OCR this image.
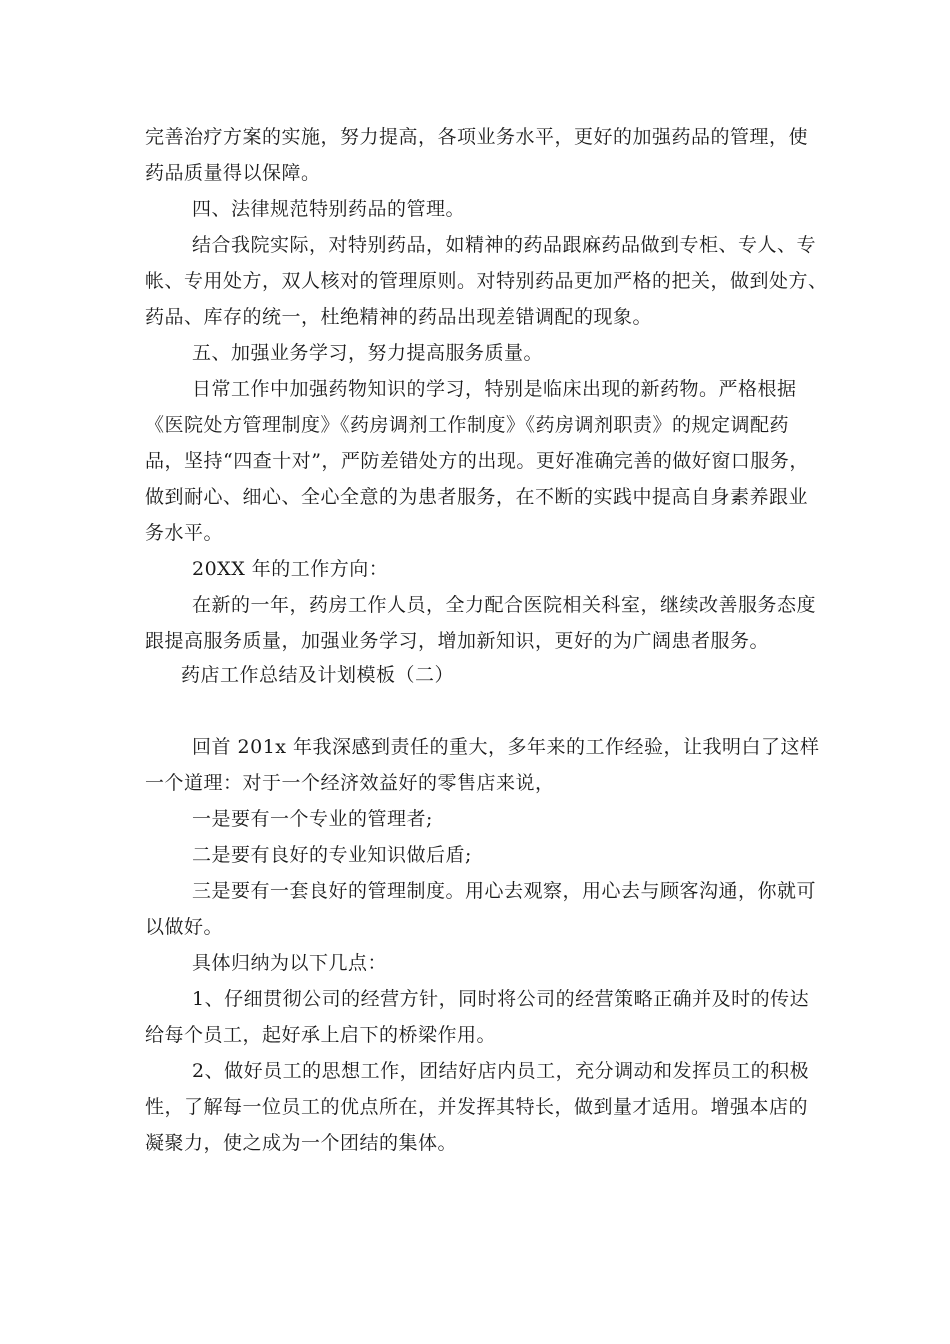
完善治疗方案的实施，努力提高，各项业务水平，更好的加强药品的管理，使

药品质量得以保障。

四、法律规范特别药品的管理。

结合我院实际，对特别药品，如精神的药品跟麻药品做到专柜、专人、专

帐、专用处方，双人核对的管理原则。对特别药品更加严格的把关，做到处方、

药品、库存的统一，杜绝精神的药品出现差错调配的现象。

五、加强业务学习，努力提高服务质量。

日常工作中加强药物知识的学习，特别是临床出现的新药物。严格根据

《医院处方管理制度》《药房调剂工作制度》《药房调剂职责》的规定调配药

品，坚持“四查十对”，严防差错处方的出现。更好准确完善的做好窗口服务，

做到耐心、细心、全心全意的为患者服务，在不断的实践中提高自身素养跟业

务水平。

20XX 年的工作方向：

在新的一年，药房工作人员，全力配合医院相关科室，继续改善服务态度

跟提高服务质量，加强业务学习，增加新知识，更好的为广阔患者服务。

药店工作总结及计划模板（二）

回首 201x 年我深感到责任的重大，多年来的工作经验，让我明白了这样

一个道理：对于一个经济效益好的零售店来说，

一是要有一个专业的管理者;

二是要有良好的专业知识做后盾;

三是要有一套良好的管理制度。用心去观察，用心去与顾客沟通，你就可

以做好。

具体归纳为以下几点：

1、仔细贯彻公司的经营方针，同时将公司的经营策略正确并及时的传达

给每个员工，起好承上启下的桥梁作用。

2、做好员工的思想工作，团结好店内员工，充分调动和发挥员工的积极

性，了解每一位员工的优点所在，并发挥其特长，做到量才适用。增强本店的

凝聚力，使之成为一个团结的集体。
